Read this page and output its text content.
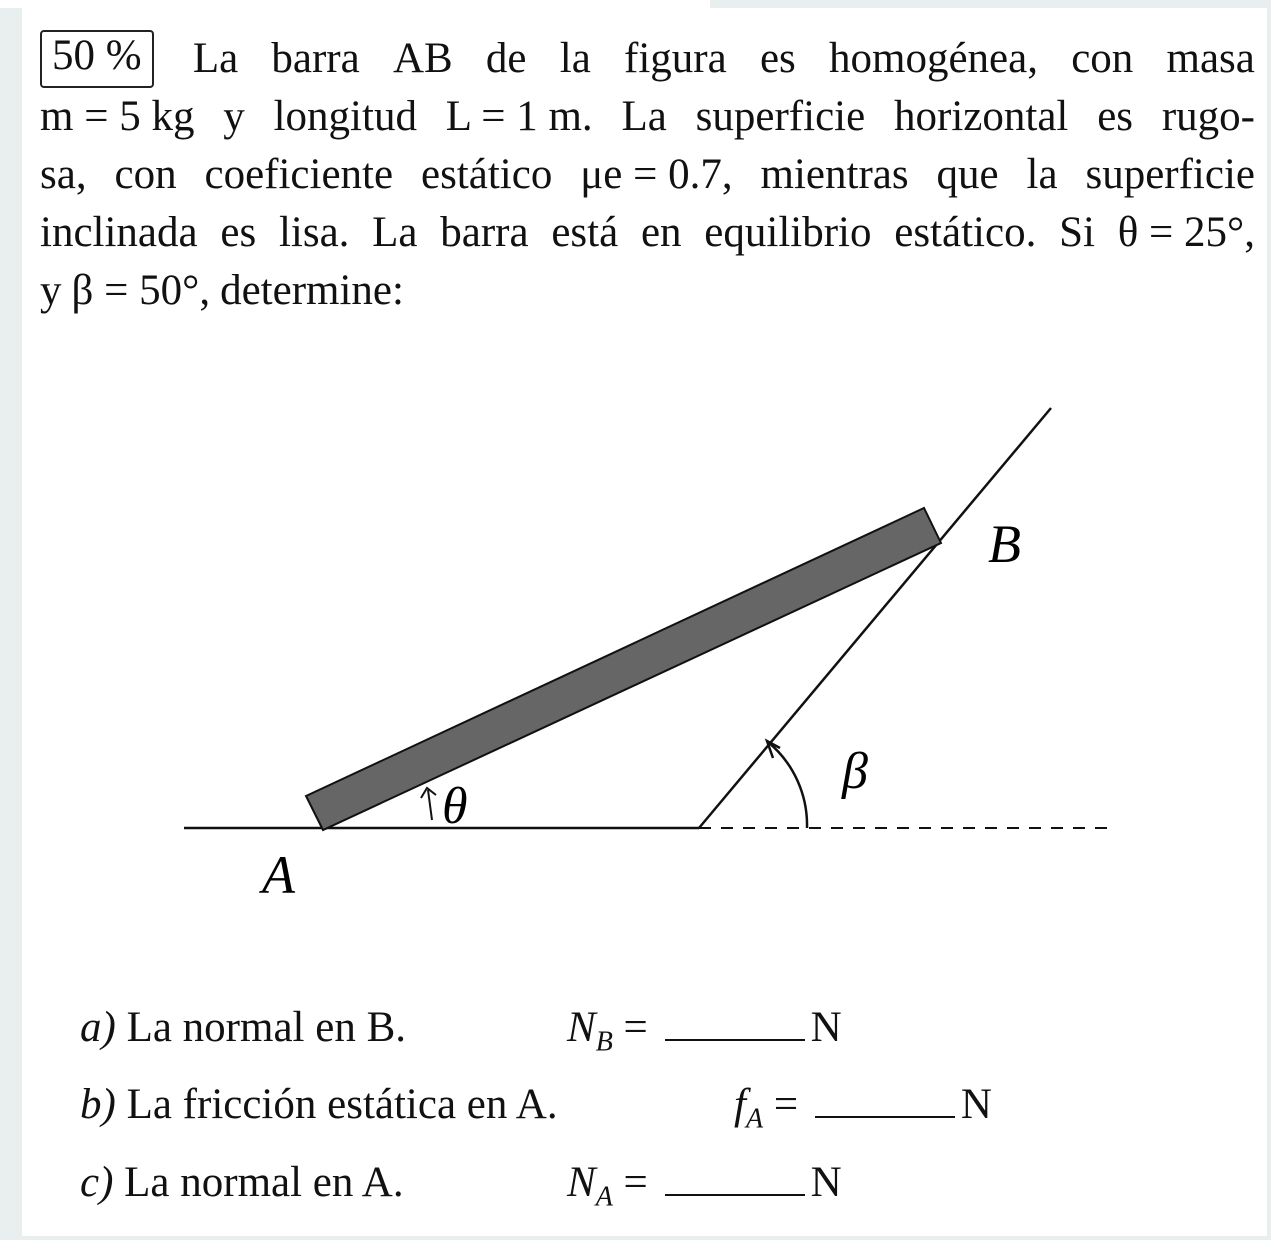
50 % La barra AB de la figura es homogénea, con masa
m = 5 kg y longitud L = 1 m. La superficie horizontal es rugo-
sa, con coeficiente estático μe = 0.7, mientras que la superficie
inclinada es lisa. La barra está en equilibrio estático. Si θ = 25°,
y β = 50°, determine:
A
B
θ
β
a) La normal en B.	$N_B$ =	N
b) La fricción estática en A.	$f_A$ =	N
c) La normal en A.	$N_A$ =	N
